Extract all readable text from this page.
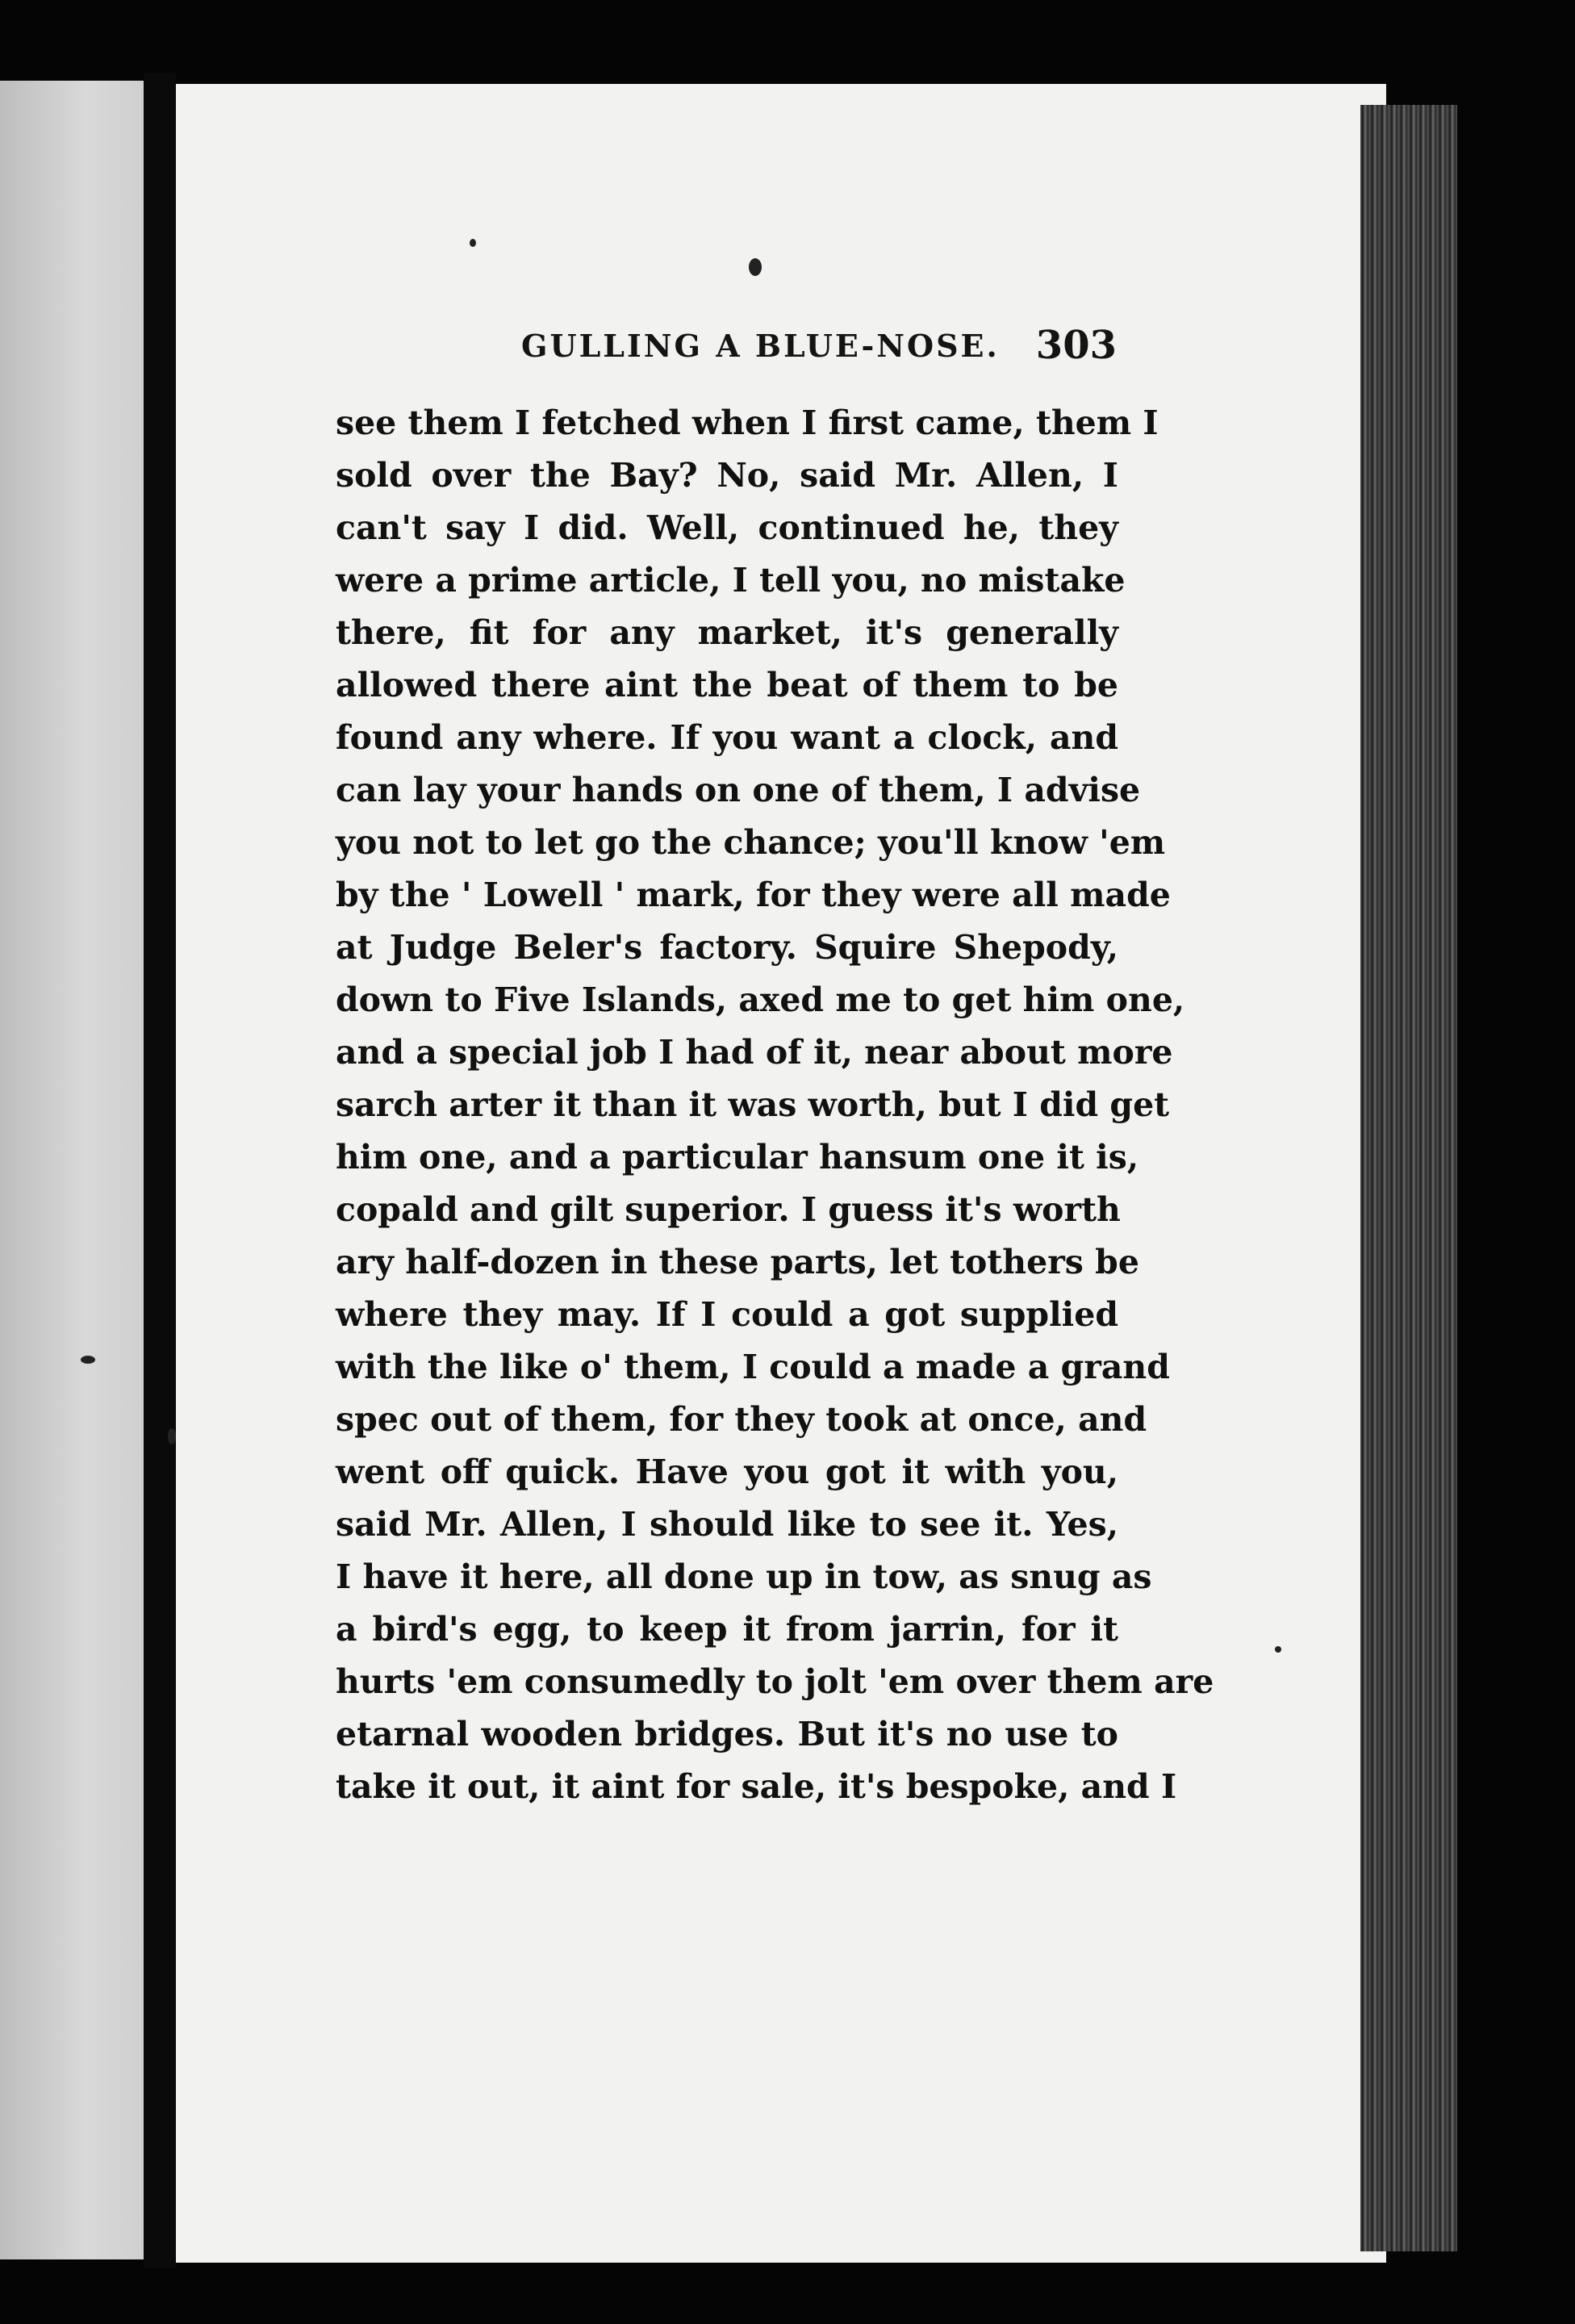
GULLING A BLUE-NOSE. 303
see them I fetched when I first came, them I
sold over the Bay? No, said Mr. Allen, I
can't say I did. Well, continued he, they
were a prime article, I tell you, no mistake
there, fit for any market, it's generally
allowed there aint the beat of them to be
found any where. If you want a clock, and
can lay your hands on one of them, I advise
you not to let go the chance; you'll know 'em
by the ' Lowell ' mark, for they were all made
at Judge Beler's factory. Squire Shepody,
down to Five Islands, axed me to get him one,
and a special job I had of it, near about more
sarch arter it than it was worth, but I did get
him one, and a particular hansum one it is,
copald and gilt superior. I guess it's worth
ary half-dozen in these parts, let tothers be
where they may. If I could a got supplied
with the like o' them, I could a made a grand
spec out of them, for they took at once, and
went off quick. Have you got it with you,
said Mr. Allen, I should like to see it. Yes,
I have it here, all done up in tow, as snug as
a bird's egg, to keep it from jarrin, for it
hurts 'em consumedly to jolt 'em over them are
etarnal wooden bridges. But it's no use to
take it out, it aint for sale, it's bespoke, and I
